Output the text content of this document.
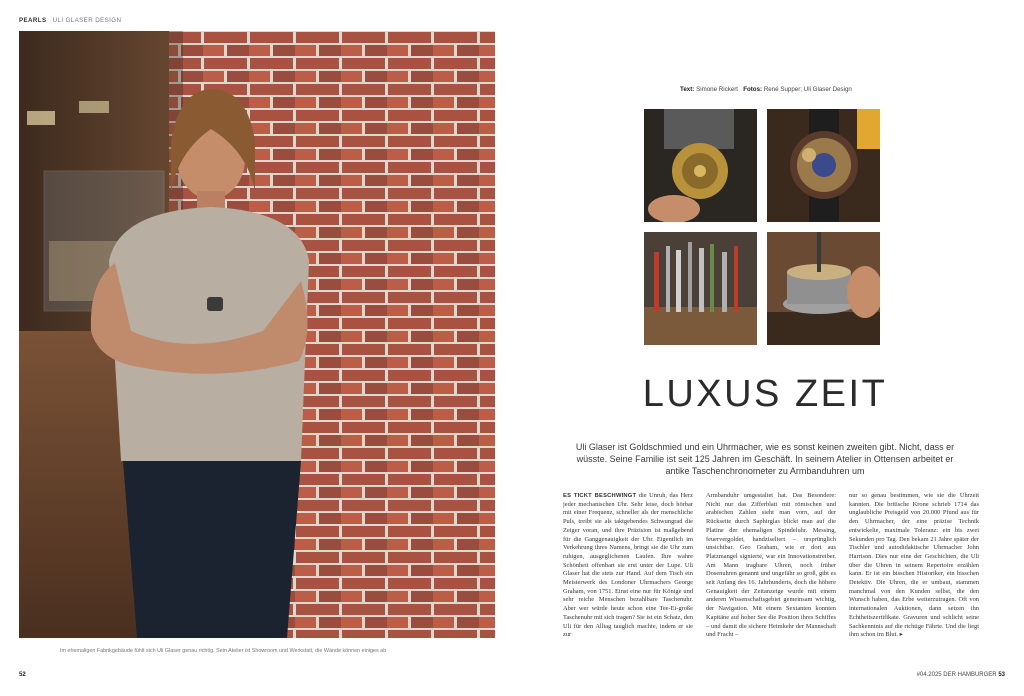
PEARLS ULI GLASER DESIGN
Im ehemaligen Fabrikgebäude fühlt sich Uli Glaser genau richtig. Sein Atelier ist Showroom und Werkstatt, die Wände können einiges ab
52	#04.2025 DER HAMBURGER 53
Text: Simone Rickert Fotos: René Supper; Uli Glaser Design
LUXUS ZEIT

Uli Glaser ist Goldschmied und ein Uhrmacher, wie es sonst keinen zweiten gibt. Nicht, dass er wüsste. Seine Familie ist seit 125 Jahren im Geschäft. In seinem Atelier in Ottensen arbeitet er antike Taschenchronometer zu Armbanduhren um

ES TICKT BESCHWINGT die Unruh, das Herz jeder mechanischen Uhr. Sehr leise, doch hörbar mit einer Frequenz, schneller als der menschliche Puls, treibt sie als taktgebendes Schwungrad die Zeiger voran, und ihre Präzision ist maßgebend für die Ganggenauigkeit der Uhr. Eigentlich im Verkehrung ihres Namens, bringt sie die Uhr zum ruhigen, ausgeglichenen Laufen. Ihre wahre Schönheit offenbart sie erst unter der Lupe. Uli Glaser hat die stets zur Hand. Auf dem Tisch ein Meisterwerk des Londoner Uhrmachers George Graham, von 1751. Einst eine nur für Könige und sehr reiche Menschen bezahlbare Taschenuhr. Aber wer würde heute schon eine Tee-Ei-große Taschenuhr mit sich tragen? Sie ist ein Schatz, den Uli für den Alltag tauglich machte, indem er sie zur
Armbanduhr umgestaltet hat. Das Besondere: Nicht nur das Zifferblatt mit römischen und arabischen Zahlen sieht man vorn, auf der Rückseite durch Saphirglas blickt man auf die Platine der ehemaligen Spindeluhr. Messing, feuervergoldet, handziseliert – ursprünglich unsichtbar. Geo Graham, wie er dort aus Platzmangel signierte, war ein Innovationstreiber. Am Mann tragbare Uhren, noch früher Dosenuhren genannt und ungefähr so groß, gibt es seit Anfang des 16. Jahrhunderts, doch die höhere Genauigkeit der Zeitanzeige wurde mit einem anderen Wissenschaftsgebiet gemeinsam wichtig, der Navigation. Mit einem Sextanten konnten Kapitäne auf hoher See die Position ihres Schiffes – und damit die sichere Heimkehr der Mannschaft und Fracht –
nur so genau bestimmen, wie sie die Uhrzeit kannten. Die britische Krone schrieb 1714 das unglaubliche Preisgeld von 20.000 Pfund aus für den Uhrmacher, der eine präzise Technik entwickelte, maximale Toleranz: ein bis zwei Sekunden pro Tag. Den bekam 21 Jahre später der Tischler und autodidaktische Uhrmacher John Harrison. Dies nur eine der Geschichten, die Uli über die Uhren in seinem Repertoire erzählen kann. Er ist ein bisschen Historiker, ein bisschen Detektiv. Die Uhren, die er umbaut, stammen manchmal von den Kunden selbst, die den Wunsch haben, das Erbe weiterzutragen. Oft von internationalen Auktionen, dann setzen ihn Echtheitszertifikate. Gravuren und schlicht seine Sachkenntnis auf die richtige Fährte. Und die liegt ihm schon im Blut. ▸
